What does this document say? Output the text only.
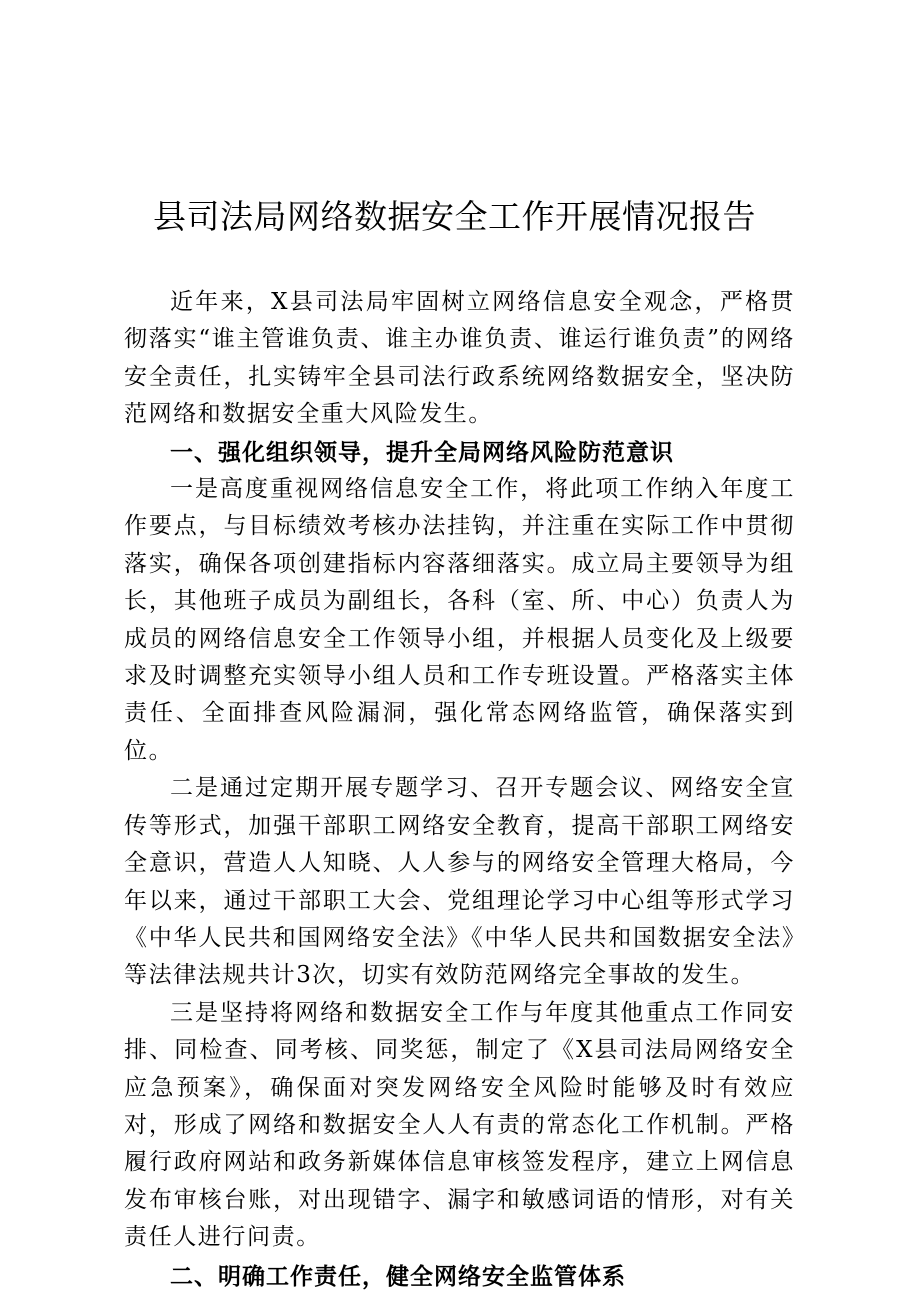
县司法局网络数据安全工作开展情况报告

近年来，X县司法局牢固树立网络信息安全观念，严格贯彻落实“谁主管谁负责、谁主办谁负责、谁运行谁负责”的网络安全责任，扎实铸牢全县司法行政系统网络数据安全，坚决防范网络和数据安全重大风险发生。

一、强化组织领导，提升全局网络风险防范意识

一是高度重视网络信息安全工作，将此项工作纳入年度工作要点，与目标绩效考核办法挂钩，并注重在实际工作中贯彻落实，确保各项创建指标内容落细落实。成立局主要领导为组长，其他班子成员为副组长，各科（室、所、中心）负责人为成员的网络信息安全工作领导小组，并根据人员变化及上级要求及时调整充实领导小组人员和工作专班设置。严格落实主体责任、全面排查风险漏洞，强化常态网络监管，确保落实到位。

二是通过定期开展专题学习、召开专题会议、网络安全宣传等形式，加强干部职工网络安全教育，提高干部职工网络安全意识，营造人人知晓、人人参与的网络安全管理大格局，今年以来，通过干部职工大会、党组理论学习中心组等形式学习《中华人民共和国网络安全法》《中华人民共和国数据安全法》等法律法规共计3次，切实有效防范网络完全事故的发生。

三是坚持将网络和数据安全工作与年度其他重点工作同安排、同检查、同考核、同奖惩，制定了《X县司法局网络安全应急预案》，确保面对突发网络安全风险时能够及时有效应对，形成了网络和数据安全人人有责的常态化工作机制。严格履行政府网站和政务新媒体信息审核签发程序，建立上网信息发布审核台账，对出现错字、漏字和敏感词语的情形，对有关责任人进行问责。

二、明确工作责任，健全网络安全监管体系
